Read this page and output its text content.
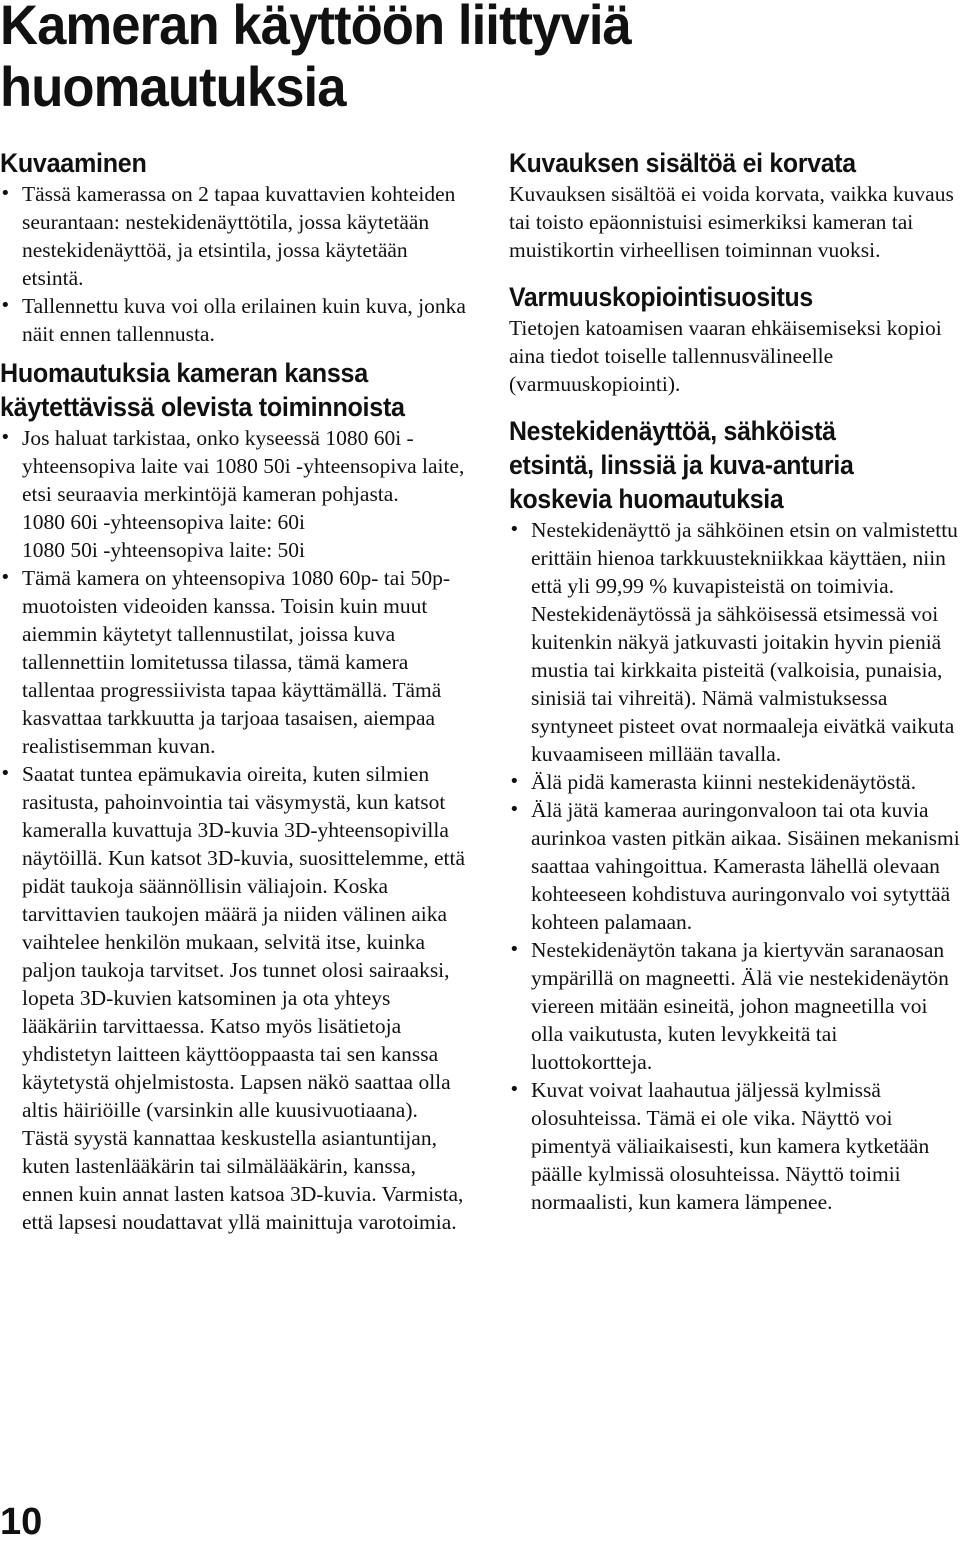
Kameran käyttöön liittyviä huomautuksia
Kuvaaminen
• Tässä kamerassa on 2 tapaa kuvattavien kohteiden seurantaan: nestekidenäyttötila, jossa käytetään nestekidenäyttöä, ja etsintila, jossa käytetään etsintä.
• Tallennettu kuva voi olla erilainen kuin kuva, jonka näit ennen tallennusta.
Huomautuksia kameran kanssa käytettävissä olevista toiminnoista
• Jos haluat tarkistaa, onko kyseessä 1080 60i -yhteensopiva laite vai 1080 50i -yhteensopiva laite, etsi seuraavia merkintöjä kameran pohjasta.

1080 60i -yhteensopiva laite: 60i

1080 50i -yhteensopiva laite: 50i

• Tämä kamera on yhteensopiva 1080 60p- tai 50p-muotoisten videoiden kanssa. Toisin kuin muut aiemmin käytetyt tallennustilat, joissa kuva tallennettiin lomitetussa tilassa, tämä kamera tallentaa progressiivista tapaa käyttämällä. Tämä kasvattaa tarkkuutta ja tarjoaa tasaisen, aiempaa realistisemman kuvan.
• Saatat tuntea epämukavia oireita, kuten silmien rasitusta, pahoinvointia tai väsymystä, kun katsot kameralla kuvattuja 3D-kuvia 3D-yhteensopivilla näytöillä. Kun katsot 3D-kuvia, suosittelemme, että pidät taukoja säännöllisin väliajoin. Koska tarvittavien taukojen määrä ja niiden välinen aika vaihtelee henkilön mukaan, selvitä itse, kuinka paljon taukoja tarvitset. Jos tunnet olosi sairaaksi, lopeta 3D-kuvien katsominen ja ota yhteys lääkäriin tarvittaessa. Katso myös lisätietoja yhdistetyn laitteen käyttöoppaasta tai sen kanssa käytetystä ohjelmistosta. Lapsen näkö saattaa olla altis häiriöille (varsinkin alle kuusivuotiaana). Tästä syystä kannattaa keskustella asiantuntijan, kuten lastenlääkärin tai silmälääkärin, kanssa, ennen kuin annat lasten katsoa 3D-kuvia. Varmista, että lapsesi noudattavat yllä mainittuja varotoimia.
Kuvauksen sisältöä ei korvata

Kuvauksen sisältöä ei voida korvata, vaikka kuvaus tai toisto epäonnistuisi esimerkiksi kameran tai muistikortin virheellisen toiminnan vuoksi.

Varmuuskopiointisuositus

Tietojen katoamisen vaaran ehkäisemiseksi kopioi aina tiedot toiselle tallennusvälineelle (varmuuskopiointi).

Nestekidenäyttöä, sähköistä etsintä, linssiä ja kuva-anturia koskevia huomautuksia
• Nestekidenäyttö ja sähköinen etsin on valmistettu erittäin hienoa tarkkuustekniikkaa käyttäen, niin että yli 99,99 % kuvapisteistä on toimivia. Nestekidenäytössä ja sähköisessä etsimessä voi kuitenkin näkyä jatkuvasti joitakin hyvin pieniä mustia tai kirkkaita pisteitä (valkoisia, punaisia, sinisiä tai vihreitä). Nämä valmistuksessa syntyneet pisteet ovat normaaleja eivätkä vaikuta kuvaamiseen millään tavalla.
• Älä pidä kamerasta kiinni nestekidenäytöstä.
• Älä jätä kameraa auringonvaloon tai ota kuvia aurinkoa vasten pitkän aikaa. Sisäinen mekanismi saattaa vahingoittua. Kamerasta lähellä olevaan kohteeseen kohdistuva auringonvalo voi sytyttää kohteen palamaan.
• Nestekidenäytön takana ja kiertyvän saranaosan ympärillä on magneetti. Älä vie nestekidenäytön viereen mitään esineitä, johon magneetilla voi olla vaikutusta, kuten levykkeitä tai luottokortteja.
• Kuvat voivat laahautua jäljessä kylmissä olosuhteissa. Tämä ei ole vika. Näyttö voi pimentyä väliaikaisesti, kun kamera kytketään päälle kylmissä olosuhteissa. Näyttö toimii normaalisti, kun kamera lämpenee.
10
